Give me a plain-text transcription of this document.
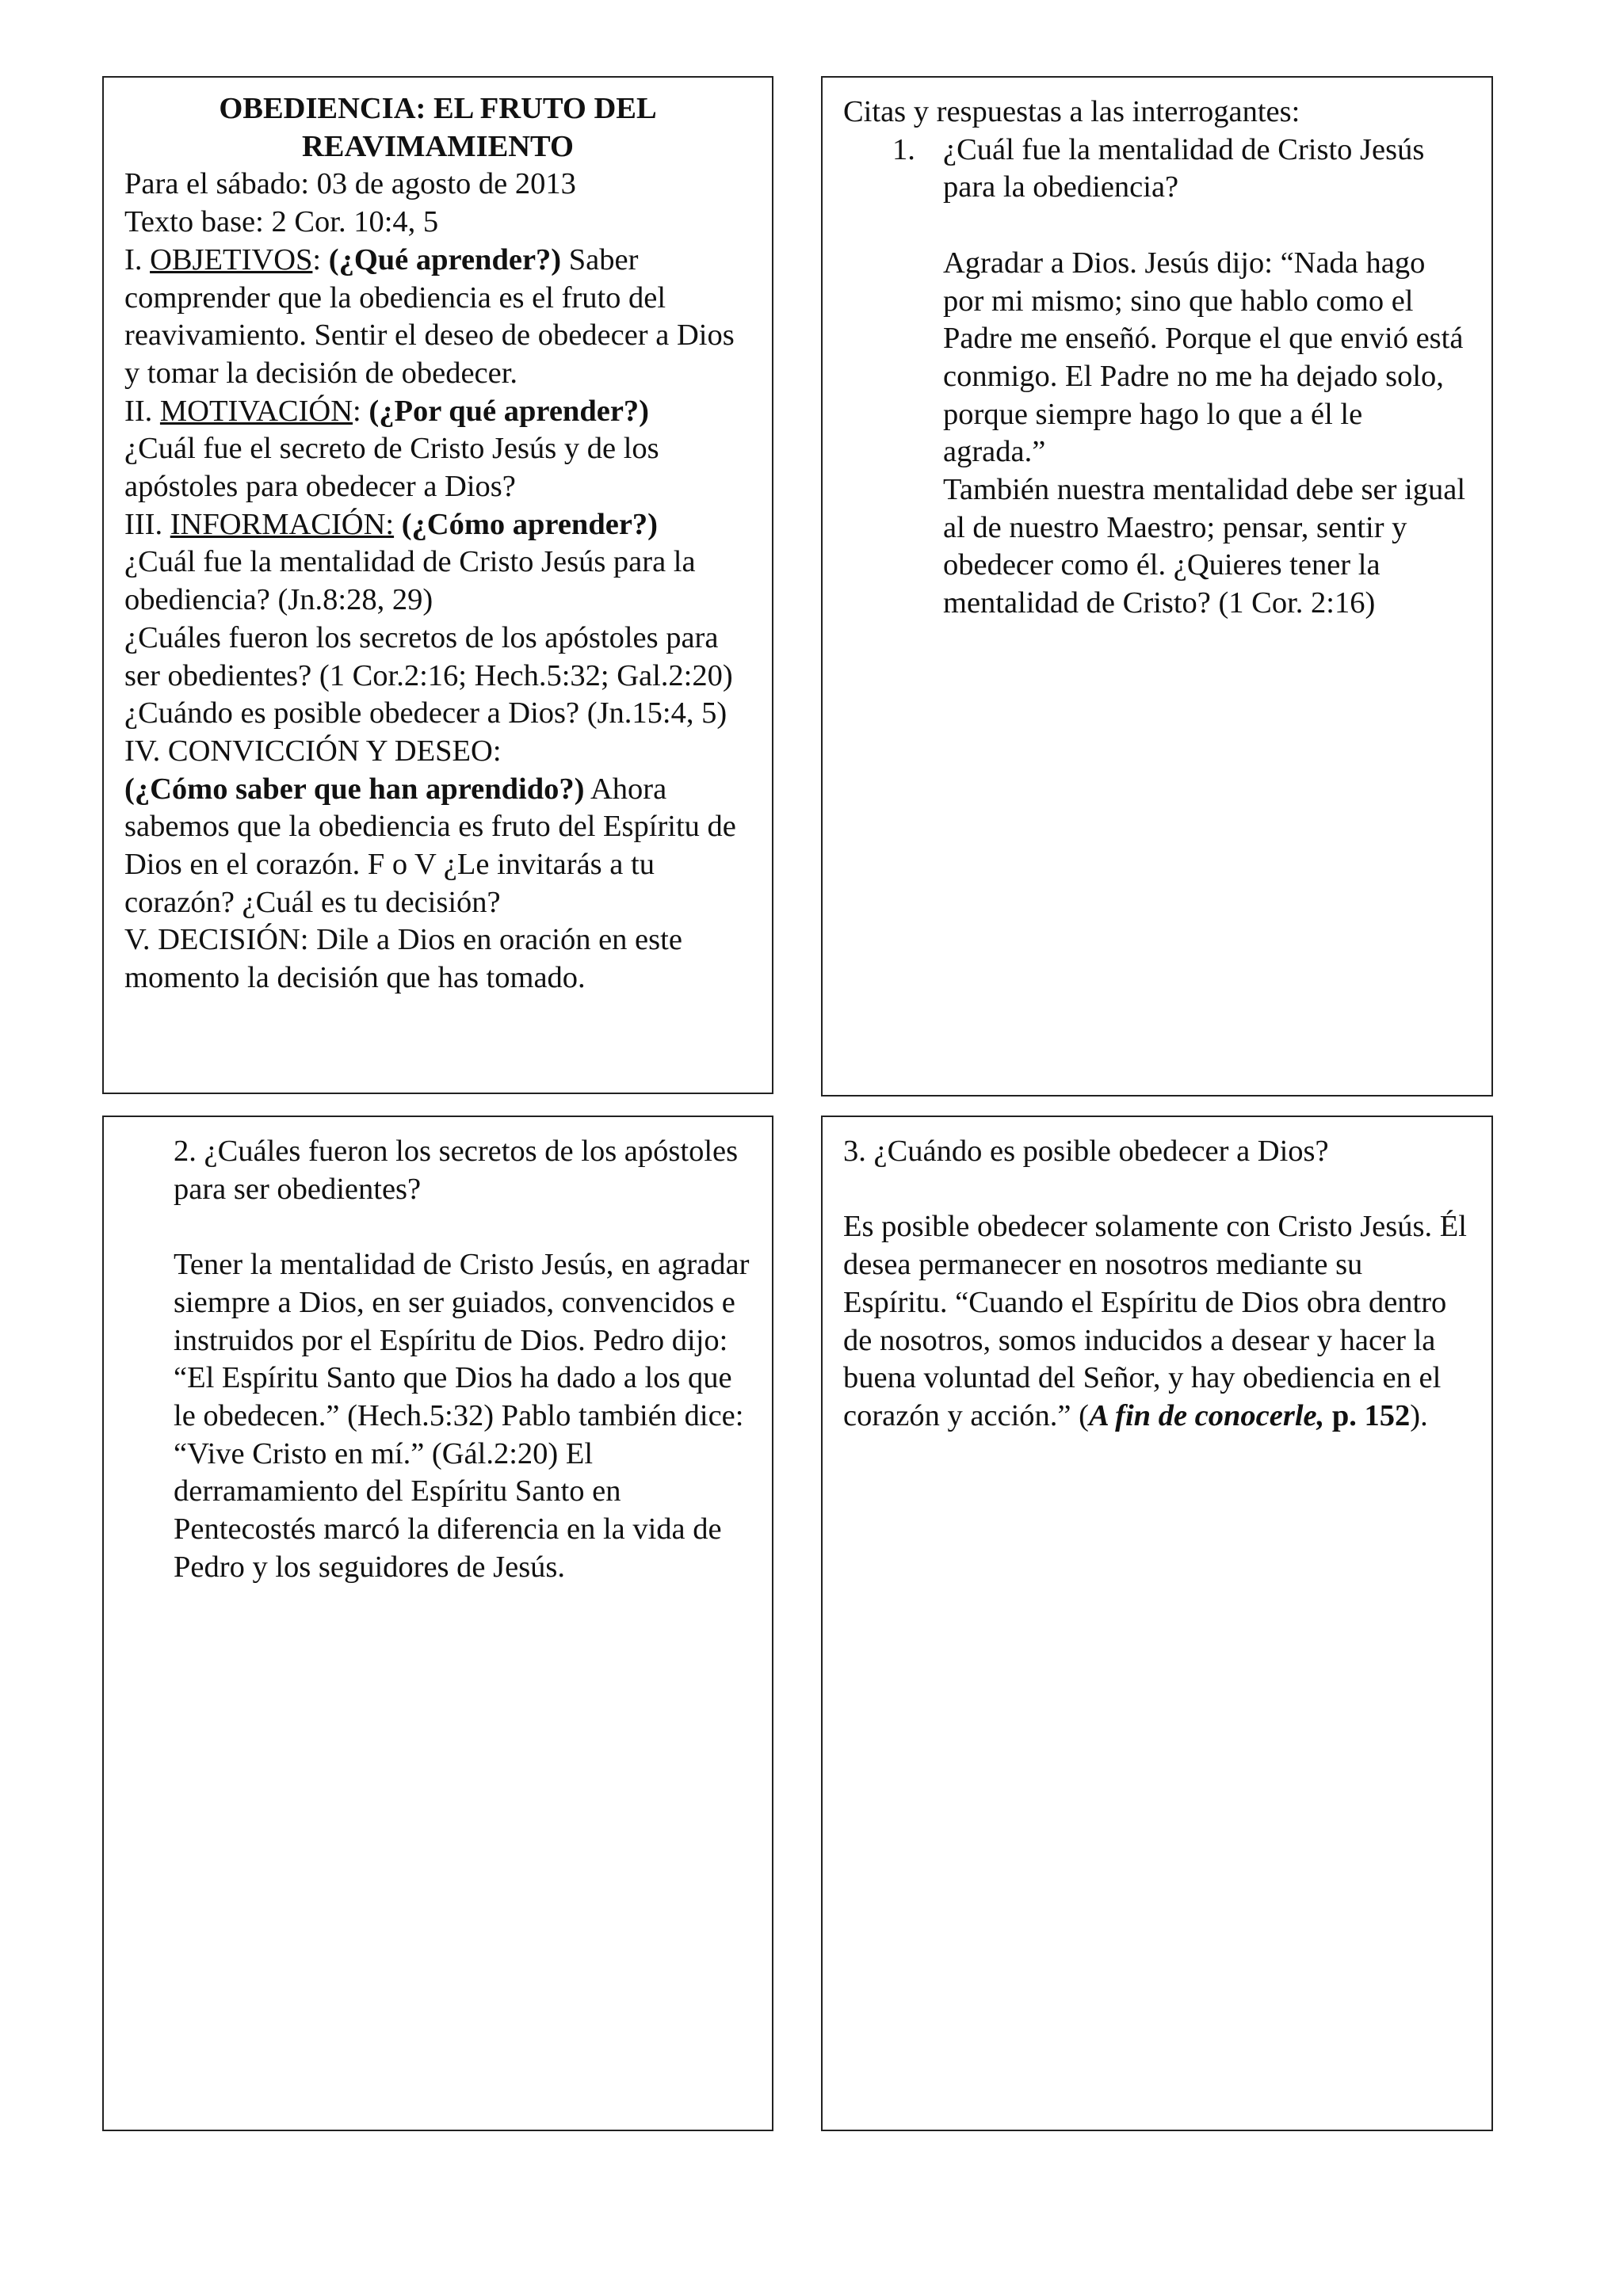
OBEDIENCIA: EL FRUTO DEL REAVIMAMIENTO

Para el sábado: 03 de agosto de 2013

Texto base: 2 Cor. 10:4, 5

I. OBJETIVOS: (¿Qué aprender?) Saber comprender que la obediencia es el fruto del reavivamiento. Sentir el deseo de obedecer a Dios y tomar la decisión de obedecer.

II. MOTIVACIÓN: (¿Por qué aprender?)

¿Cuál fue el secreto de Cristo Jesús y de los apóstoles para obedecer a Dios?

III. INFORMACIÓN: (¿Cómo aprender?)

¿Cuál fue la mentalidad de Cristo Jesús para la obediencia? (Jn.8:28, 29)

¿Cuáles fueron los secretos de los apóstoles para ser obedientes? (1 Cor.2:16; Hech.5:32; Gal.2:20)

¿Cuándo es posible obedecer a Dios? (Jn.15:4, 5)

IV. CONVICCIÓN Y DESEO:

(¿Cómo saber que han aprendido?) Ahora sabemos que la obediencia es fruto del Espíritu de Dios en el corazón. F o V ¿Le invitarás a tu corazón? ¿Cuál es tu decisión?

V. DECISIÓN: Dile a Dios en oración en este momento la decisión que has tomado.

Citas y respuestas a las interrogantes:

1. ¿Cuál fue la mentalidad de Cristo Jesús para la obediencia?

Agradar a Dios. Jesús dijo: “Nada hago por mi mismo; sino que hablo como el Padre me enseñó. Porque el que envió está conmigo. El Padre no me ha dejado solo, porque siempre hago lo que a él le agrada.”

También nuestra mentalidad debe ser igual al de nuestro Maestro; pensar, sentir y obedecer como él. ¿Quieres tener la mentalidad de Cristo? (1 Cor. 2:16)

2. ¿Cuáles fueron los secretos de los apóstoles para ser obedientes?

Tener la mentalidad de Cristo Jesús, en agradar siempre a Dios, en ser guiados, convencidos e instruidos por el Espíritu de Dios. Pedro dijo: “El Espíritu Santo que Dios ha dado a los que le obedecen.” (Hech.5:32) Pablo también dice: “Vive Cristo en mí.” (Gál.2:20) El derramamiento del Espíritu Santo en Pentecostés marcó la diferencia en la vida de Pedro y los seguidores de Jesús.

3. ¿Cuándo es posible obedecer a Dios?

Es posible obedecer solamente con Cristo Jesús. Él desea permanecer en nosotros mediante su Espíritu. “Cuando el Espíritu de Dios obra dentro de nosotros, somos inducidos a desear y hacer la buena voluntad del Señor, y hay obediencia en el corazón y acción.” (A fin de conocerle, p. 152).
